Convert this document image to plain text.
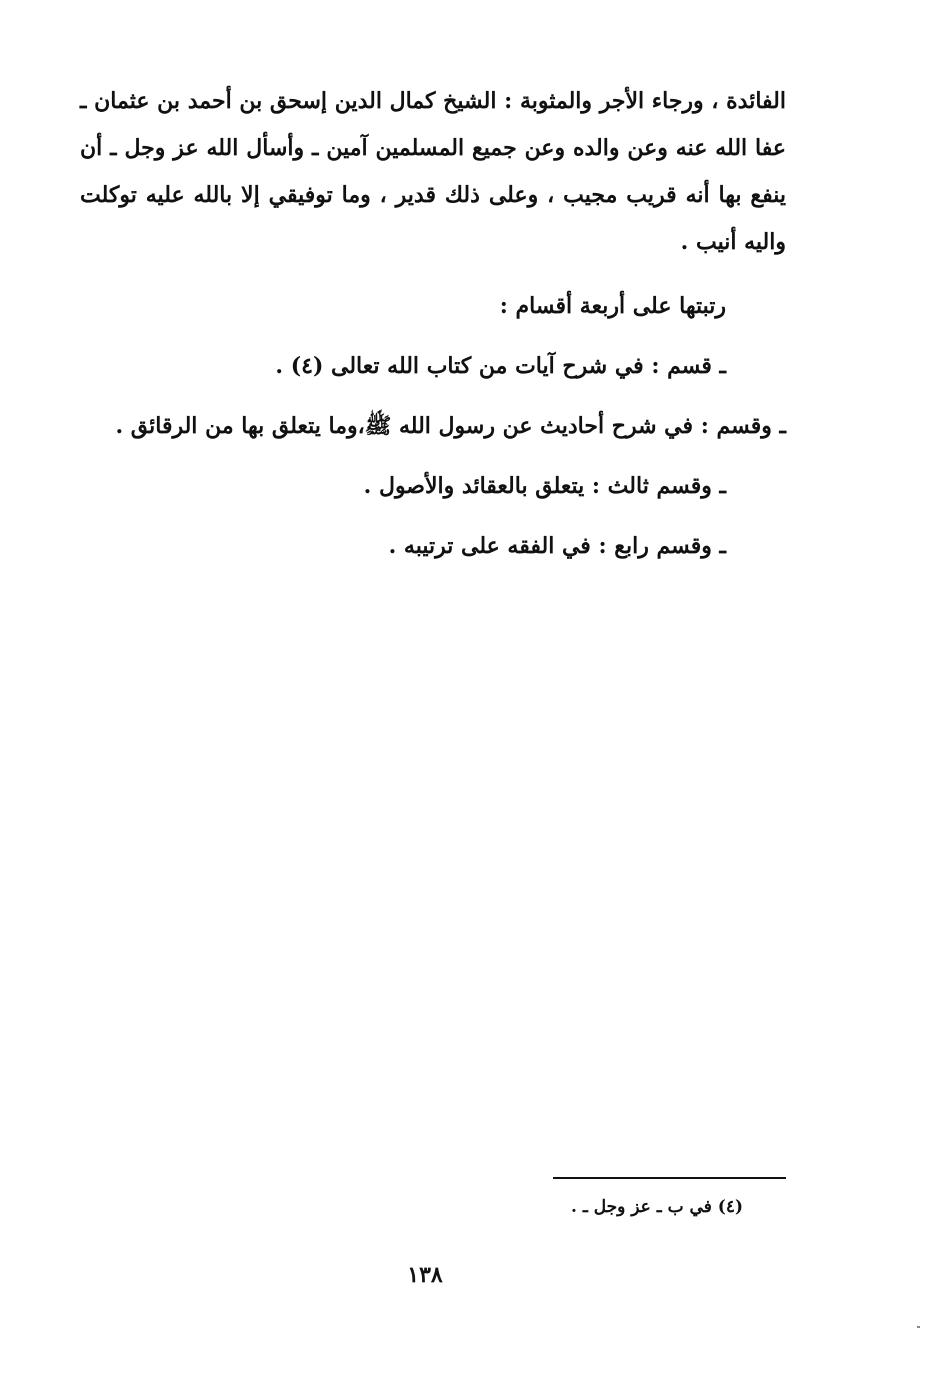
الفائدة ، ورجاء الأجر والمثوبة : الشيخ كمال الدين إسحق بن أحمد بن عثمان ـ عفا الله عنه وعن والده وعن جميع المسلمين آمين ـ وأسأل الله عز وجل ـ أن ينفع بها أنه قريب مجيب ، وعلى ذلك قدير ، وما توفيقي إلا بالله عليه توكلت واليه أنيب .

رتبتها على أربعة أقسام :
ـ قسم : في شرح آيات من كتاب الله تعالى (٤) .
ـ وقسم : في شرح أحاديث عن رسول الله ﷺ،وما يتعلق بها من الرقائق .
ـ وقسم ثالث : يتعلق بالعقائد والأصول .
ـ وقسم رابع : في الفقه على ترتيبه .
(٤) في ب ـ عز وجل ـ .
١٣٨
